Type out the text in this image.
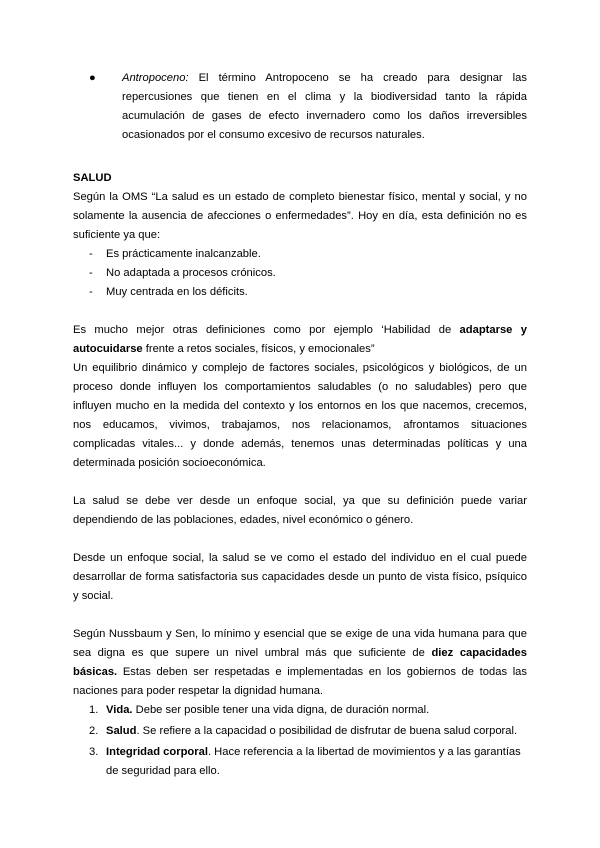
●	Antropoceno: El término Antropoceno se ha creado para designar las repercusiones que tienen en el clima y la biodiversidad tanto la rápida acumulación de gases de efecto invernadero como los daños irreversibles ocasionados por el consumo excesivo de recursos naturales.

SALUD

Según la OMS “La salud es un estado de completo bienestar físico, mental y social, y no solamente la ausencia de afecciones o enfermedades”. Hoy en día, esta definición no es suficiente ya que:

-	Es prácticamente inalcanzable.
-	No adaptada a procesos crónicos.
-	Muy centrada en los déficits.

Es mucho mejor otras definiciones como por ejemplo ‘Habilidad de adaptarse y autocuidarse frente a retos sociales, físicos, y emocionales”

Un equilibrio dinámico y complejo de factores sociales, psicológicos y biológicos, de un proceso donde influyen los comportamientos saludables (o no saludables) pero que influyen mucho en la medida del contexto y los entornos en los que nacemos, crecemos, nos educamos, vivimos, trabajamos, nos relacionamos, afrontamos situaciones complicadas vitales... y donde además, tenemos unas determinadas políticas y una determinada posición socioeconómica.

La salud se debe ver desde un enfoque social, ya que su definición puede variar dependiendo de las poblaciones, edades, nivel económico o género.

Desde un enfoque social, la salud se ve como el estado del individuo en el cual puede desarrollar de forma satisfactoria sus capacidades desde un punto de vista físico, psíquico y social.

Según Nussbaum y Sen, lo mínimo y esencial que se exige de una vida humana para que sea digna es que supere un nivel umbral más que suficiente de diez capacidades básicas. Estas deben ser respetadas e implementadas en los gobiernos de todas las naciones para poder respetar la dignidad humana.

1. Vida. Debe ser posible tener una vida digna, de duración normal.

2. Salud. Se refiere a la capacidad o posibilidad de disfrutar de buena salud corporal.

3. Integridad corporal. Hace referencia a la libertad de movimientos y a las garantías de seguridad para ello.
